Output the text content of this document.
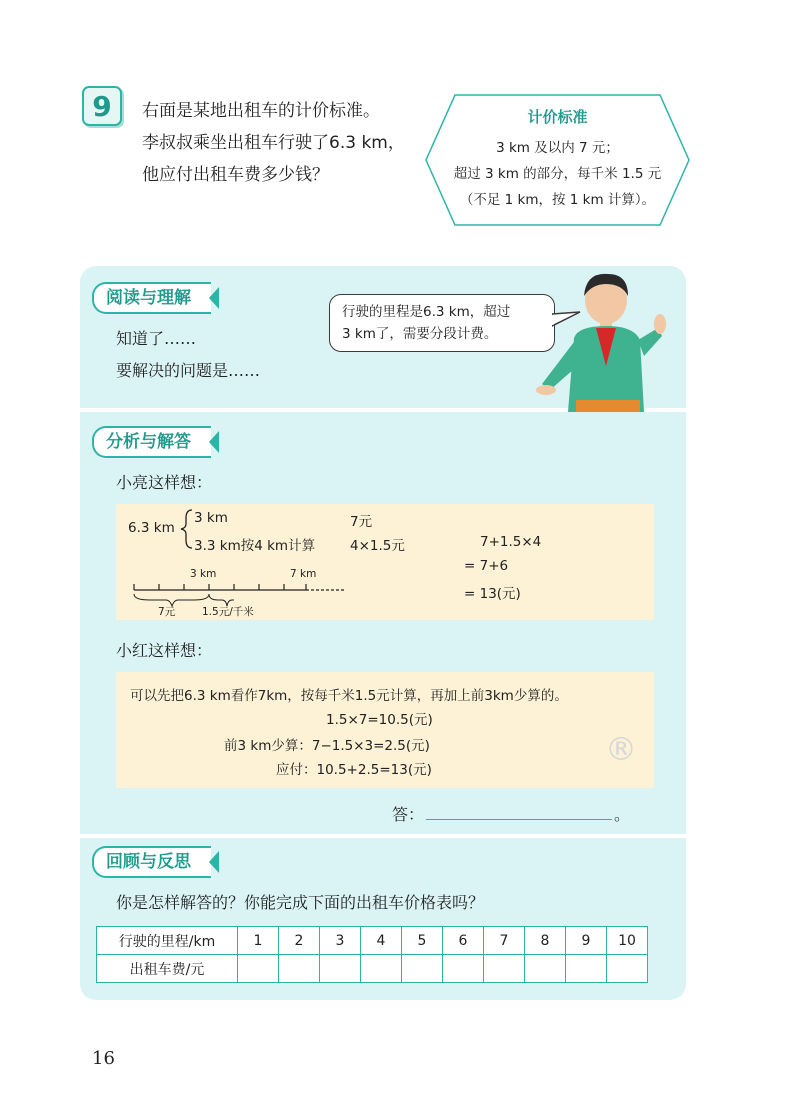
9	右面是某地出租车的计价标准。
李叔叔乘坐出租车行驶了6.3 km，
他应付出租车费多少钱？
计价标准
3 km 及以内 7 元；
超过 3 km 的部分，每千米 1.5 元
（不足 1 km，按 1 km 计算）。
阅读与理解
知道了……
要解决的问题是……
行驶的里程是6.3 km，超过
3 km了，需要分段计费。
分析与解答
小亮这样想：
6.3 km
3 km
3.3 km按4 km计算
7元
4×1.5元	7+1.5×4
= 7+6
= 13(元)
3 km	7 km
7元	1.5元/千米
小红这样想：
可以先把6.3 km看作7km，按每千米1.5元计算，再加上前3km少算的。
1.5×7=10.5(元)
前3 km少算：7−1.5×3=2.5(元)
应付：10.5+2.5=13(元)
®
答：	。
回顾与反思
你是怎样解答的？你能完成下面的出租车价格表吗？
行驶的里程/km	1	2	3	4	5	6	7	8	9	10
出租车费/元										
16
